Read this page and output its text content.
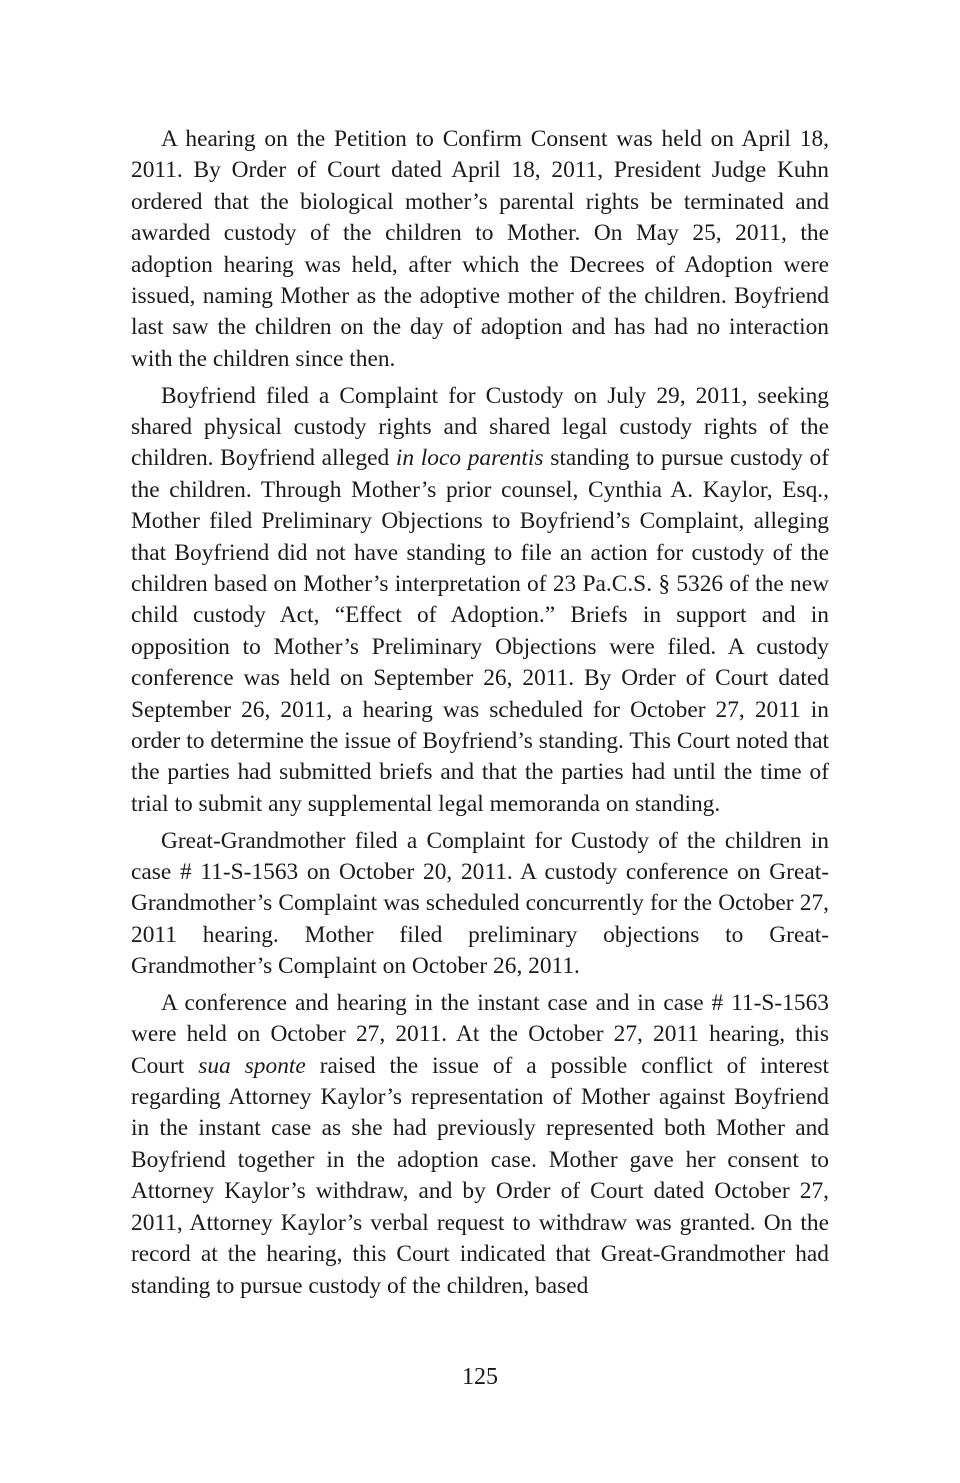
A hearing on the Petition to Confirm Consent was held on April 18, 2011. By Order of Court dated April 18, 2011, President Judge Kuhn ordered that the biological mother’s parental rights be terminated and awarded custody of the children to Mother. On May 25, 2011, the adoption hearing was held, after which the Decrees of Adoption were issued, naming Mother as the adoptive mother of the children. Boyfriend last saw the children on the day of adoption and has had no interaction with the children since then.

Boyfriend filed a Complaint for Custody on July 29, 2011, seeking shared physical custody rights and shared legal custody rights of the children. Boyfriend alleged in loco parentis standing to pursue custody of the children. Through Mother’s prior counsel, Cynthia A. Kaylor, Esq., Mother filed Preliminary Objections to Boyfriend’s Complaint, alleging that Boyfriend did not have standing to file an action for custody of the children based on Mother’s interpretation of 23 Pa.C.S. § 5326 of the new child custody Act, “Effect of Adoption.” Briefs in support and in opposition to Mother’s Preliminary Objections were filed. A custody conference was held on September 26, 2011. By Order of Court dated September 26, 2011, a hearing was scheduled for October 27, 2011 in order to determine the issue of Boyfriend’s standing. This Court noted that the parties had submitted briefs and that the parties had until the time of trial to submit any supplemental legal memoranda on standing.

Great-Grandmother filed a Complaint for Custody of the children in case # 11-S-1563 on October 20, 2011. A custody conference on Great-Grandmother’s Complaint was scheduled concurrently for the October 27, 2011 hearing. Mother filed preliminary objections to Great-Grandmother’s Complaint on October 26, 2011.

A conference and hearing in the instant case and in case # 11-S-​1563 were held on October 27, 2011. At the October 27, 2011 hearing, this Court sua sponte raised the issue of a possible conflict of interest regarding Attorney Kaylor’s representation of Mother against Boyfriend in the instant case as she had previously represented both Mother and Boyfriend together in the adoption case. Mother gave her consent to Attorney Kaylor’s withdraw, and by Order of Court dated October 27, 2011, Attorney Kaylor’s verbal request to withdraw was granted. On the record at the hearing, this Court indicated that Great-​Grandmother had standing to pursue custody of the children, based

125
